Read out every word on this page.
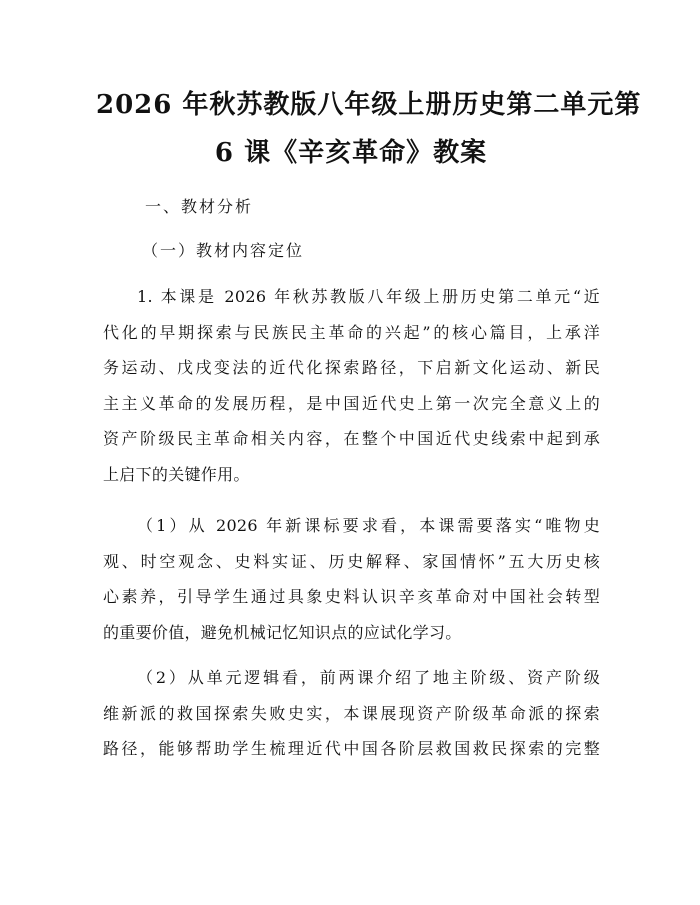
2026 年秋苏教版八年级上册历史第二单元第
6 课《辛亥革命》教案
一、教材分析
（一）教材内容定位
1. 本课是 2026 年秋苏教版八年级上册历史第二单元“近
代化的早期探索与民族民主革命的兴起”的核心篇目，上承洋
务运动、戊戌变法的近代化探索路径，下启新文化运动、新民
主主义革命的发展历程，是中国近代史上第一次完全意义上的
资产阶级民主革命相关内容，在整个中国近代史线索中起到承
上启下的关键作用。
（1）从 2026 年新课标要求看，本课需要落实“唯物史
观、时空观念、史料实证、历史解释、家国情怀”五大历史核
心素养，引导学生通过具象史料认识辛亥革命对中国社会转型
的重要价值，避免机械记忆知识点的应试化学习。
（2）从单元逻辑看，前两课介绍了地主阶级、资产阶级
维新派的救国探索失败史实，本课展现资产阶级革命派的探索
路径，能够帮助学生梳理近代中国各阶层救国救民探索的完整
